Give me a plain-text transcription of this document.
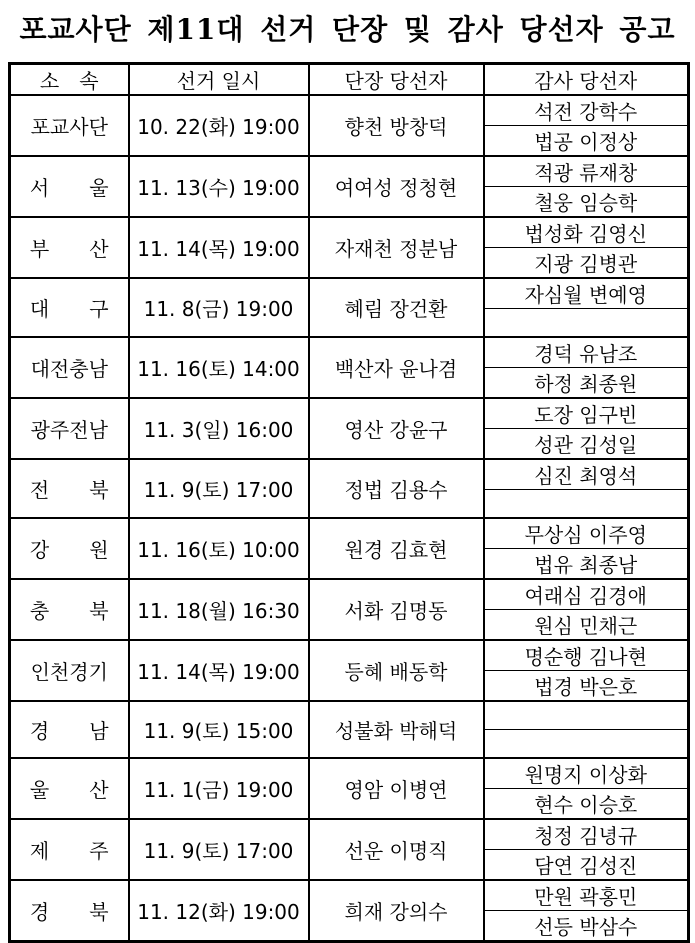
포교사단 제11대 선거 단장 및 감사 당선자 공고
소　속	선거 일시	단장 당선자	감사 당선자
포교사단	10. 22(화) 19:00	향천 방창덕	석전 강학수
			법공 이정상
서　　울	11. 13(수) 19:00	여여성 정청현	적광 류재창
			철웅 임승학
부　　산	11. 14(목) 19:00	자재천 정분남	법성화 김영신
			지광 김병관
대　　구	11. 8(금) 19:00	혜림 장건환	자심월 변예영

대전충남	11. 16(토) 14:00	백산자 윤나겸	경덕 유남조
			하정 최종원
광주전남	11. 3(일) 16:00	영산 강윤구	도장 임구빈
			성관 김성일
전　　북	11. 9(토) 17:00	정법 김용수	심진 최영석

강　　원	11. 16(토) 10:00	원경 김효현	무상심 이주영
			법유 최종남
충　　북	11. 18(월) 16:30	서화 김명동	여래심 김경애
			원심 민채근
인천경기	11. 14(목) 19:00	등혜 배동학	명순행 김나현
			법경 박은호
경　　남	11. 9(토) 15:00	성불화 박해덕	

울　　산	11. 1(금) 19:00	영암 이병연	원명지 이상화
			현수 이승호
제　　주	11. 9(토) 17:00	선운 이명직	청정 김녕규
			담연 김성진
경　　북	11. 12(화) 19:00	희재 강의수	만원 곽홍민
			선등 박삼수
